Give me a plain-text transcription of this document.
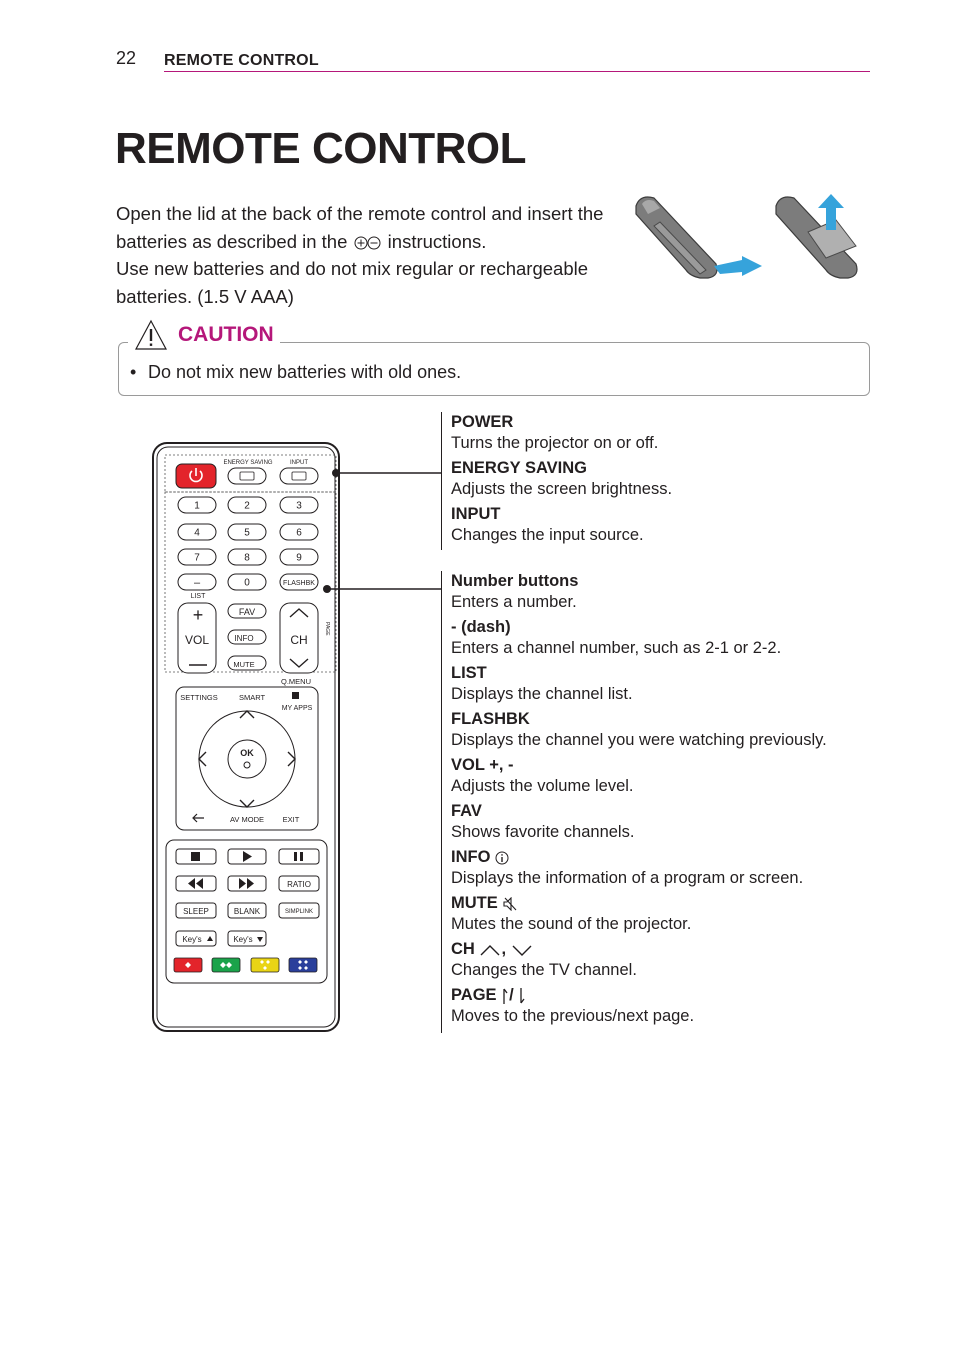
22 REMOTE CONTROL
REMOTE CONTROL

Open the lid at the back of the remote control and insert the batteries as described in the instructions.

Use new batteries and do not mix regular or rechargeable batteries. (1.5 V AAA)

CAUTION
• Do not mix new batteries with old ones.
ENERGY SAVING	INPUT
1	2	3
4	5	6
7	8	9
0
–	FLASHBK
LIST
+
VOL
FAV
INFO
MUTE
CH
PAGE
Q.MENU
SETTINGS	SMART
MY APPS
OK
AV MODE EXIT
RATIO
SLEEP	BLANK	SIMPLINK
Key's	Key's
POWER
Turns the projector on or off.
ENERGY SAVING
Adjusts the screen brightness.
INPUT
Changes the input source.
Number buttons
Enters a number.
- (dash)
Enters a channel number, such as 2-1 or 2-2.
LIST
Displays the channel list.
FLASHBK
Displays the channel you were watching previously.
VOL +, -
Adjusts the volume level.
FAV
Shows favorite channels.
INFO
Displays the information of a program or screen.
MUTE
Mutes the sound of the projector.
CH ,
Changes the TV channel.
PAGE /
Moves to the previous/next page.
